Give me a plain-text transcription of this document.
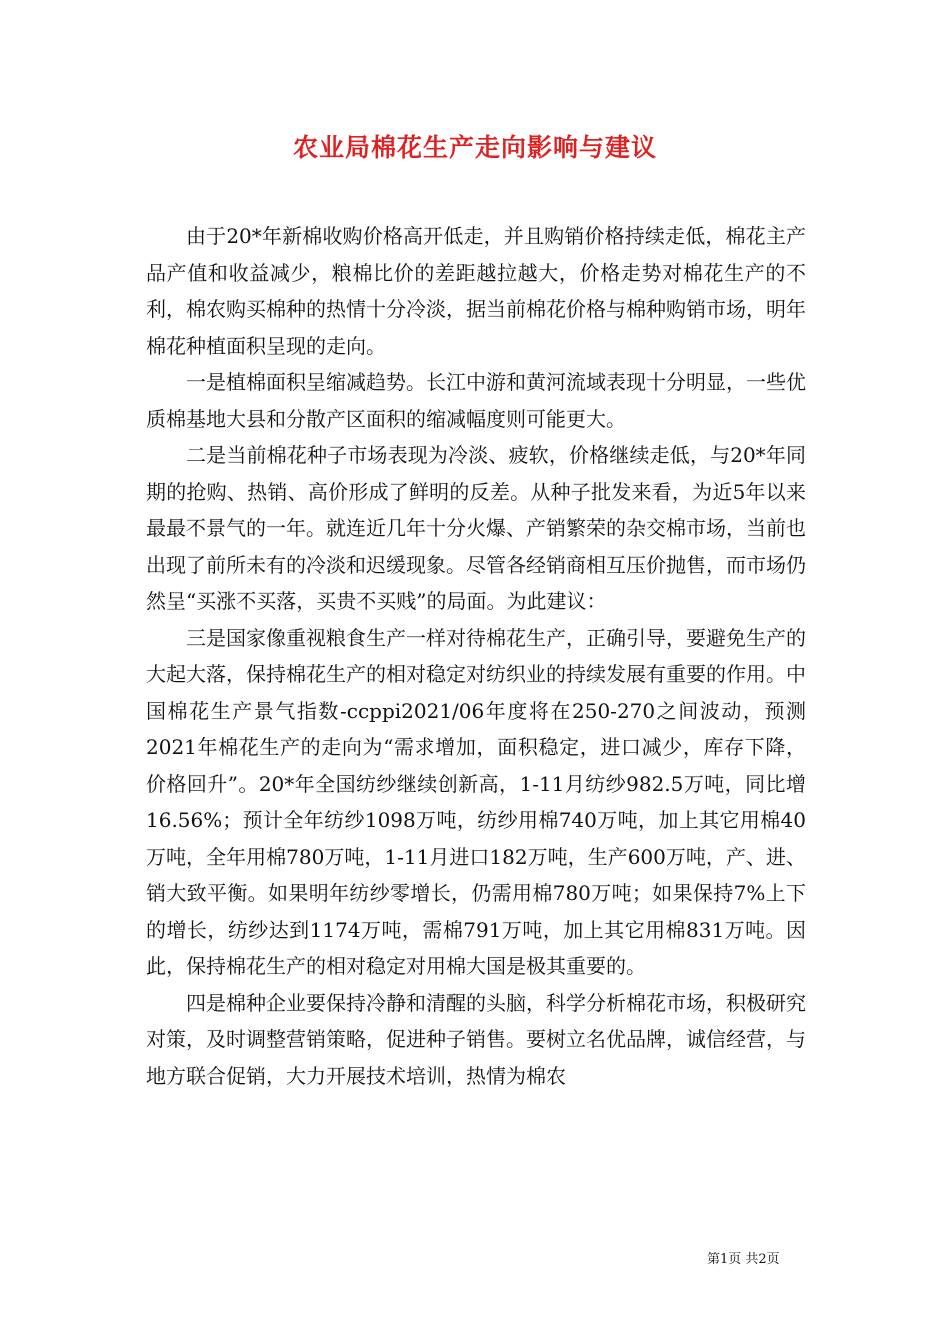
农业局棉花生产走向影响与建议

由于20*年新棉收购价格高开低走，并且购销价格持续走低，棉花主产品产值和收益减少，粮棉比价的差距越拉越大，价格走势对棉花生产的不利，棉农购买棉种的热情十分冷淡，据当前棉花价格与棉种购销市场，明年棉花种植面积呈现的走向。

一是植棉面积呈缩减趋势。长江中游和黄河流域表现十分明显，一些优质棉基地大县和分散产区面积的缩减幅度则可能更大。

二是当前棉花种子市场表现为冷淡、疲软，价格继续走低，与20*年同期的抢购、热销、高价形成了鲜明的反差。从种子批发来看，为近5年以来最最不景气的一年。就连近几年十分火爆、产销繁荣的杂交棉市场，当前也出现了前所未有的冷淡和迟缓现象。尽管各经销商相互压价抛售，而市场仍然呈“买涨不买落，买贵不买贱”的局面。为此建议：

三是国家像重视粮食生产一样对待棉花生产，正确引导，要避免生产的大起大落，保持棉花生产的相对稳定对纺织业的持续发展有重要的作用。中国棉花生产景气指数-ccppi2021/06年度将在250-270之间波动，预测2021年棉花生产的走向为“需求增加，面积稳定，进口减少，库存下降，价格回升”。20*年全国纺纱继续创新高，1-11月纺纱982.5万吨，同比增16.56%；预计全年纺纱1098万吨，纺纱用棉740万吨，加上其它用棉40万吨，全年用棉780万吨，1-11月进口182万吨，生产600万吨，产、进、销大致平衡。如果明年纺纱零增长，仍需用棉780万吨；如果保持7%上下的增长，纺纱达到1174万吨，需棉791万吨，加上其它用棉831万吨。因此，保持棉花生产的相对稳定对用棉大国是极其重要的。

四是棉种企业要保持冷静和清醒的头脑，科学分析棉花市场，积极研究对策，及时调整营销策略，促进种子销售。要树立名优品牌，诚信经营，与地方联合促销，大力开展技术培训，热情为棉农

第1页 共2页
